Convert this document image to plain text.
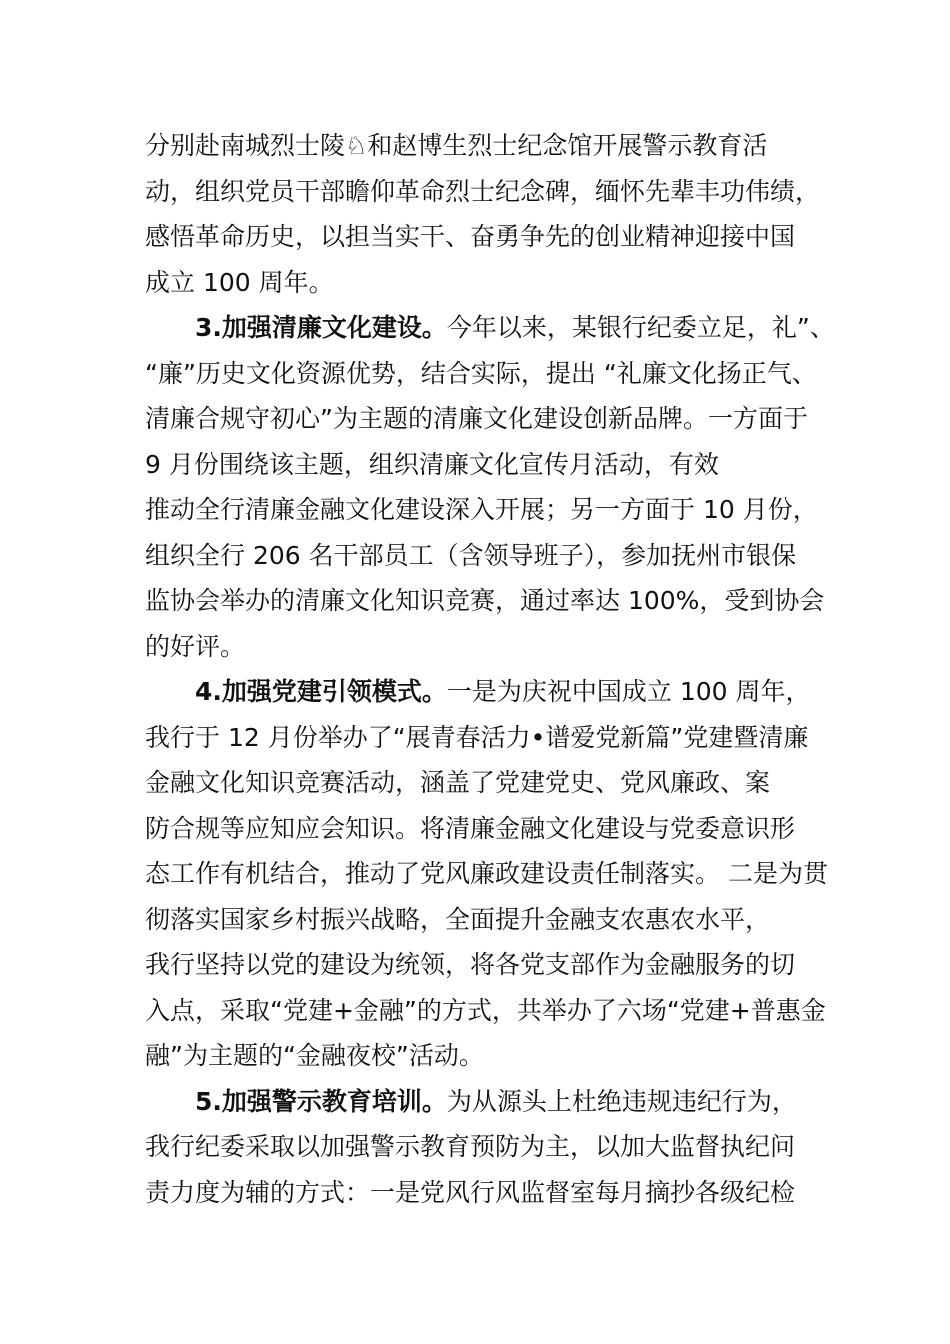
分别赴南城烈士陵♘和赵博生烈士纪念馆开展警示教育活
动，组织党员干部瞻仰革命烈士纪念碑，缅怀先辈丰功伟绩，
感悟革命历史，以担当实干、奋勇争先的创业精神迎接中国
成立 100 周年。
3.加强清廉文化建设。今年以来，某银行纪委立足，礼”、
“廉”历史文化资源优势，结合实际，提出 “礼廉文化扬正气、
清廉合规守初心”为主题的清廉文化建设创新品牌。一方面于
9 月份围绕该主题，组织清廉文化宣传月活动，有效
推动全行清廉金融文化建设深入开展；另一方面于 10 月份，
组织全行 206 名干部员工（含领导班子），参加抚州市银保
监协会举办的清廉文化知识竞赛，通过率达 100%，受到协会
的好评。
4.加强党建引领模式。一是为庆祝中国成立 100 周年，
我行于 12 月份举办了“展青春活力•谱爱党新篇”党建暨清廉
金融文化知识竞赛活动，涵盖了党建党史、党风廉政、案
防合规等应知应会知识。将清廉金融文化建设与党委意识形
态工作有机结合，推动了党风廉政建设责任制落实。 二是为贯
彻落实国家乡村振兴战略，全面提升金融支农惠农水平，
我行坚持以党的建设为统领，将各党支部作为金融服务的切
入点，采取“党建+金融”的方式，共举办了六场“党建+普惠金
融”为主题的“金融夜校”活动。
5.加强警示教育培训。为从源头上杜绝违规违纪行为，
我行纪委采取以加强警示教育预防为主，以加大监督执纪问
责力度为辅的方式：一是党风行风监督室每月摘抄各级纪检
